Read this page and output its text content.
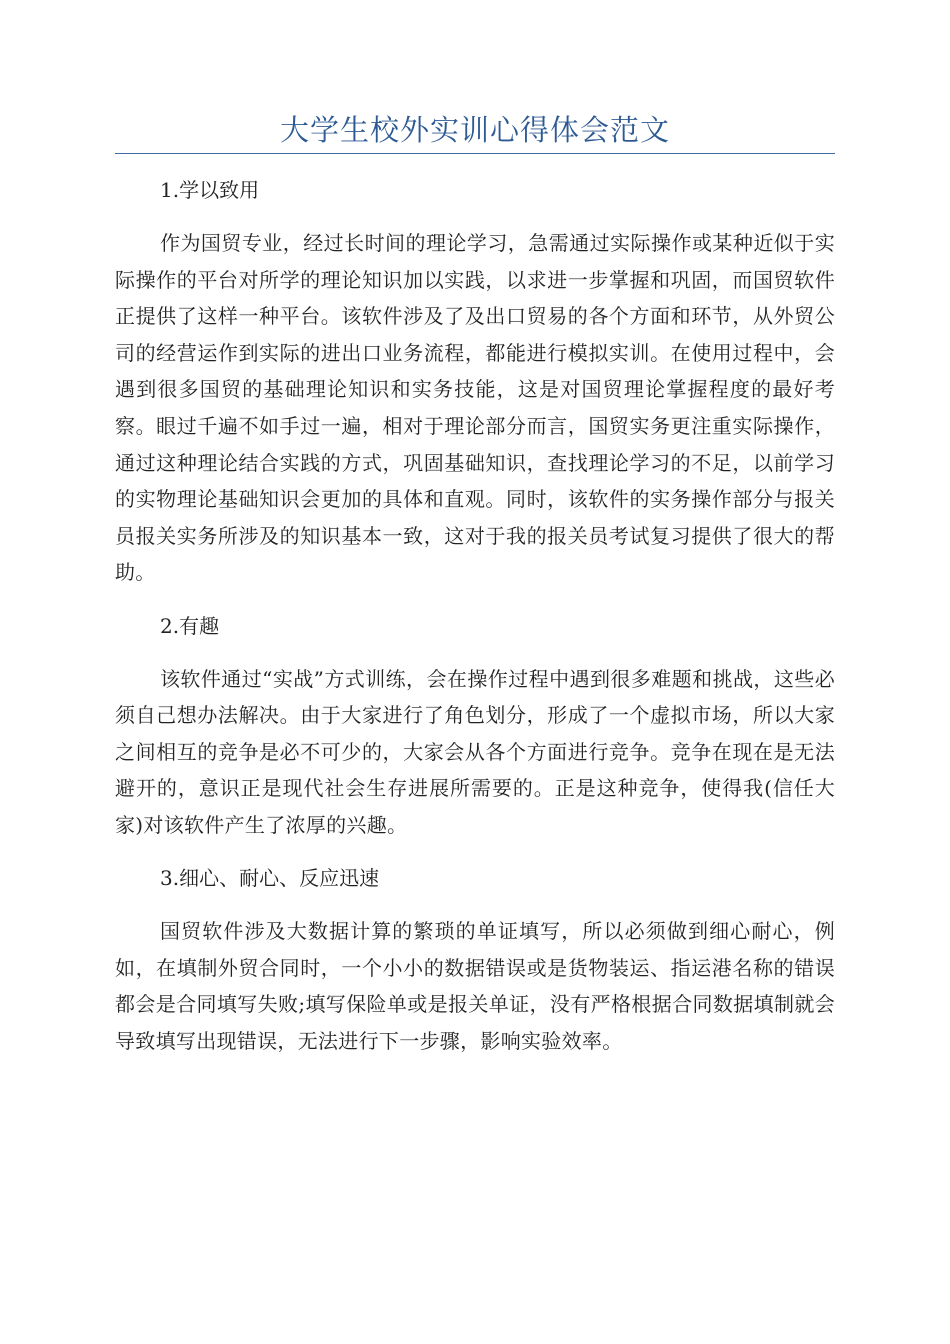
大学生校外实训心得体会范文
1.学以致用

作为国贸专业，经过长时间的理论学习，急需通过实际操作或某种近似于实际操作的平台对所学的理论知识加以实践，以求进一步掌握和巩固，而国贸软件正提供了这样一种平台。该软件涉及了及出口贸易的各个方面和环节，从外贸公司的经营运作到实际的进出口业务流程，都能进行模拟实训。在使用过程中，会遇到很多国贸的基础理论知识和实务技能，这是对国贸理论掌握程度的最好考察。眼过千遍不如手过一遍，相对于理论部分而言，国贸实务更注重实际操作，通过这种理论结合实践的方式，巩固基础知识，查找理论学习的不足，以前学习的实物理论基础知识会更加的具体和直观。同时，该软件的实务操作部分与报关员报关实务所涉及的知识基本一致，这对于我的报关员考试复习提供了很大的帮助。

2.有趣

该软件通过“实战”方式训练，会在操作过程中遇到很多难题和挑战，这些必须自己想办法解决。由于大家进行了角色划分，形成了一个虚拟市场，所以大家之间相互的竞争是必不可少的，大家会从各个方面进行竞争。竞争在现在是无法避开的，意识正是现代社会生存进展所需要的。正是这种竞争，使得我(信任大家)对该软件产生了浓厚的兴趣。

3.细心、耐心、反应迅速

国贸软件涉及大数据计算的繁琐的单证填写，所以必须做到细心耐心，例如，在填制外贸合同时，一个小小的数据错误或是货物装运、指运港名称的错误都会是合同填写失败;填写保险单或是报关单证，没有严格根据合同数据填制就会导致填写出现错误，无法进行下一步骤，影响实验效率。
